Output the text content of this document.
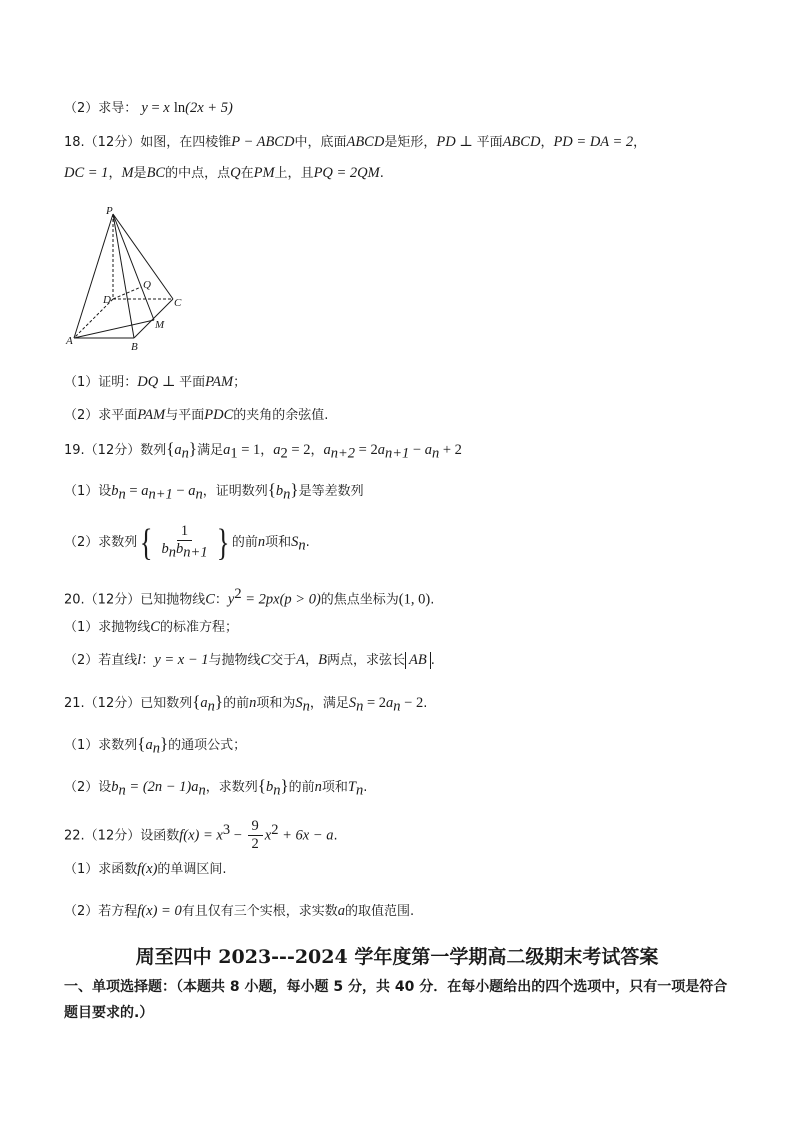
（2）求导： y = x ln(2x + 5)
18.（12分）如图，在四棱锥P − ABCD中，底面ABCD是矩形，PD ⊥ 平面ABCD，PD = DA = 2，
DC = 1，M是BC的中点，点Q在PM上，且PQ = 2QM.
P
Q
D	C
M
A	B
（1）证明：DQ ⊥ 平面PAM；
（2）求平面PAM与平面PDC的夹角的余弦值.
19.（12分）数列$\{a_n\}$满足$a_1 = 1$，$a_2 = 2$，$a_{n+2} = 2a_{n+1} - a_n + 2$
（1）设$b_n = a_{n+1} - a_n$，证明数列$\{b_n\}$是等差数列
（2）求数列{ $\frac{1}{b_nb_{n+1}}$ } 的前n项和$S_n$.
20.（12分）已知抛物线C：$y^2 = 2px(p > 0)$的焦点坐标为(1, 0).
（1）求抛物线C的标准方程；
（2）若直线l：y = x − 1与抛物线C交于A，B两点，求弦长 AB .
21.（12分）已知数列$\{a_n\}$的前n项和为$S_n$，满足$S_n = 2a_n - 2$.
（1）求数列$\{a_n\}$的通项公式；
（2）设$b_n = (2n - 1)a_n$，求数列$\{b_n\}$的前n项和$T_n$.
22.（12分）设函数$f(x) = x^3 - \frac{9}{2} x^2 + 6x - a$.
（1）求函数f(x)的单调区间.
（2）若方程f(x) = 0有且仅有三个实根，求实数a的取值范围.
周至四中 2023---2024 学年度第一学期高二级期末考试答案
一、单项选择题：（本题共 8 小题，每小题 5 分，共 40 分．在每小题给出的四个选项中，只有一项是符合题目要求的.）
